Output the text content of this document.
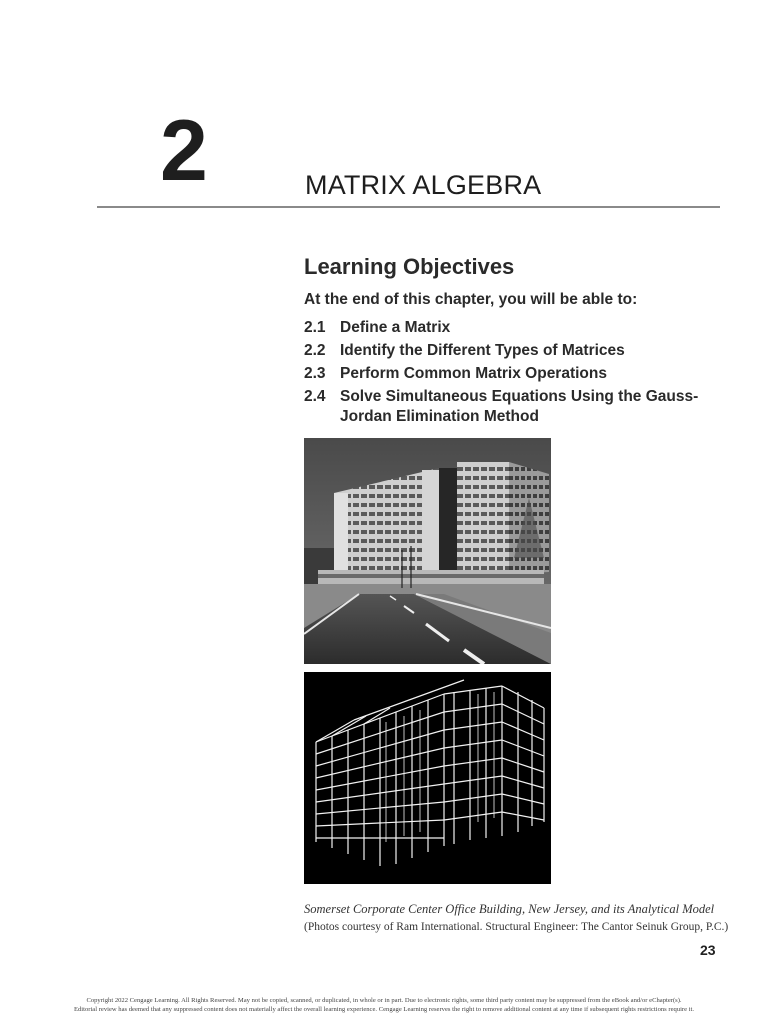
2	MATRIX ALGEBRA
Learning Objectives
At the end of this chapter, you will be able to:
2.1 Define a Matrix
2.2 Identify the Different Types of Matrices
2.3 Perform Common Matrix Operations
2.4 Solve Simultaneous Equations Using the Gauss-Jordan Elimination Method
Somerset Corporate Center Office Building, New Jersey, and its Analytical Model
(Photos courtesy of Ram International. Structural Engineer: The Cantor Seinuk Group, P.C.)
23
Copyright 2022 Cengage Learning. All Rights Reserved. May not be copied, scanned, or duplicated, in whole or in part. Due to electronic rights, some third party content may be suppressed from the eBook and/or eChapter(s).
Editorial review has deemed that any suppressed content does not materially affect the overall learning experience. Cengage Learning reserves the right to remove additional content at any time if subsequent rights restrictions require it.
